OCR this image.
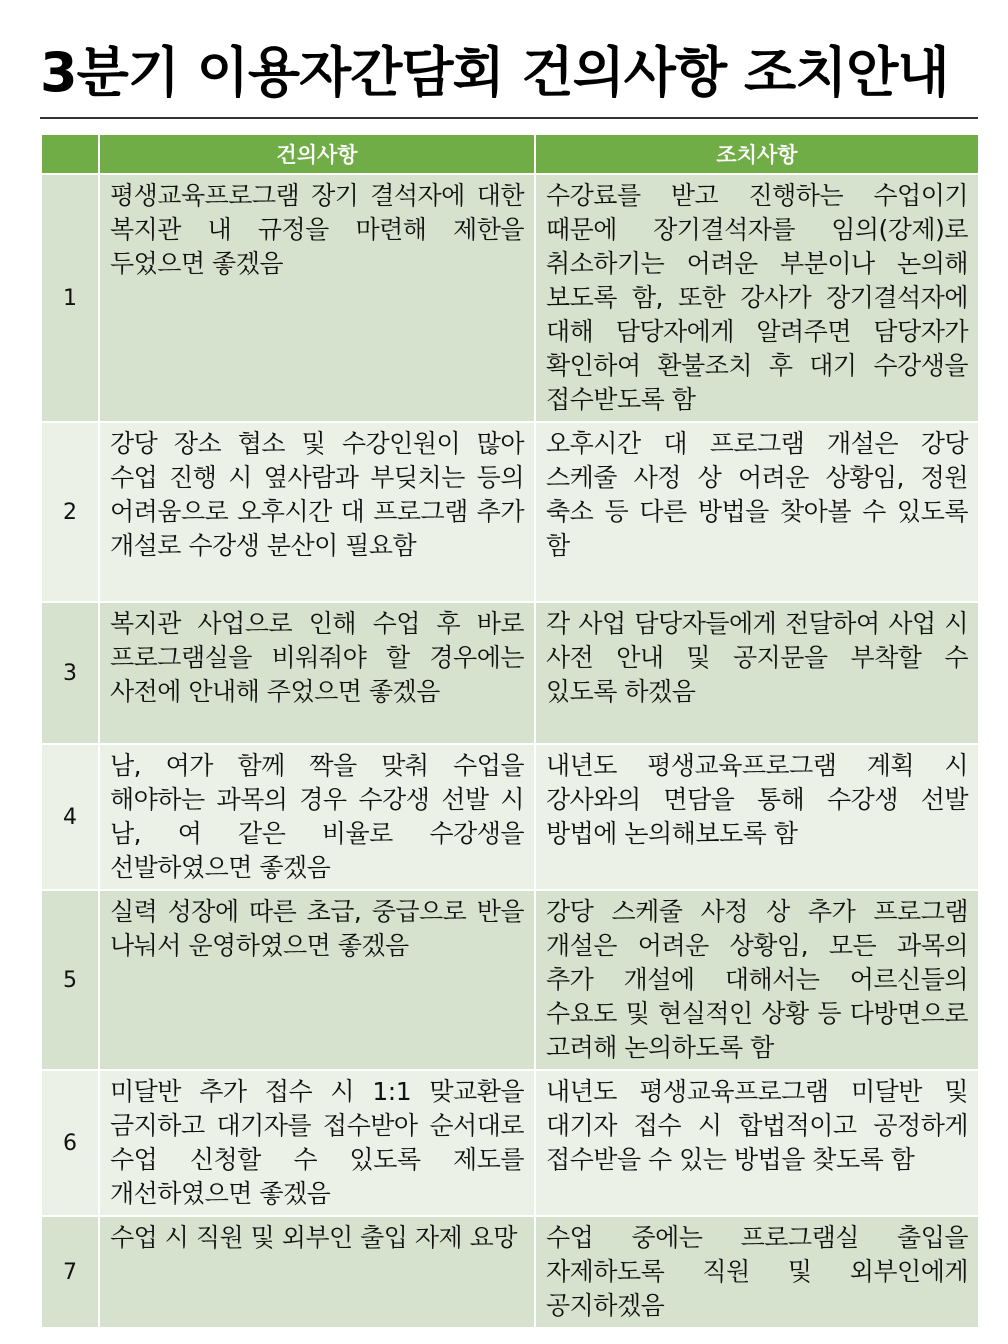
3분기 이용자간담회 건의사항 조치안내
	건의사항	조치사항
1	평생교육프로그램 장기 결석자에 대한 복지관 내 규정을 마련해 제한을 두었으면 좋겠음	수강료를 받고 진행하는 수업이기 때문에 장기결석자를 임의(강제)로 취소하기는 어려운 부분이나 논의해 보도록 함, 또한 강사가 장기결석자에 대해 담당자에게 알려주면 담당자가 확인하여 환불조치 후 대기 수강생을 접수받도록 함
2	강당 장소 협소 및 수강인원이 많아 수업 진행 시 옆사람과 부딪치는 등의 어려움으로 오후시간 대 프로그램 추가 개설로 수강생 분산이 필요함	오후시간 대 프로그램 개설은 강당 스케줄 사정 상 어려운 상황임, 정원 축소 등 다른 방법을 찾아볼 수 있도록 함
3	복지관 사업으로 인해 수업 후 바로 프로그램실을 비워줘야 할 경우에는 사전에 안내해 주었으면 좋겠음	각 사업 담당자들에게 전달하여 사업 시 사전 안내 및 공지문을 부착할 수 있도록 하겠음
4	남, 여가 함께 짝을 맞춰 수업을 해야하는 과목의 경우 수강생 선발 시 남, 여 같은 비율로 수강생을 선발하였으면 좋겠음	내년도 평생교육프로그램 계획 시 강사와의 면담을 통해 수강생 선발 방법에 논의해보도록 함
5	실력 성장에 따른 초급, 중급으로 반을 나눠서 운영하였으면 좋겠음	강당 스케줄 사정 상 추가 프로그램 개설은 어려운 상황임, 모든 과목의 추가 개설에 대해서는 어르신들의 수요도 및 현실적인 상황 등 다방면으로 고려해 논의하도록 함
6	미달반 추가 접수 시 1:1 맞교환을 금지하고 대기자를 접수받아 순서대로 수업 신청할 수 있도록 제도를 개선하였으면 좋겠음	내년도 평생교육프로그램 미달반 및 대기자 접수 시 합법적이고 공정하게 접수받을 수 있는 방법을 찾도록 함
7	수업 시 직원 및 외부인 출입 자제 요망	수업 중에는 프로그램실 출입을 자제하도록 직원 및 외부인에게 공지하겠음
